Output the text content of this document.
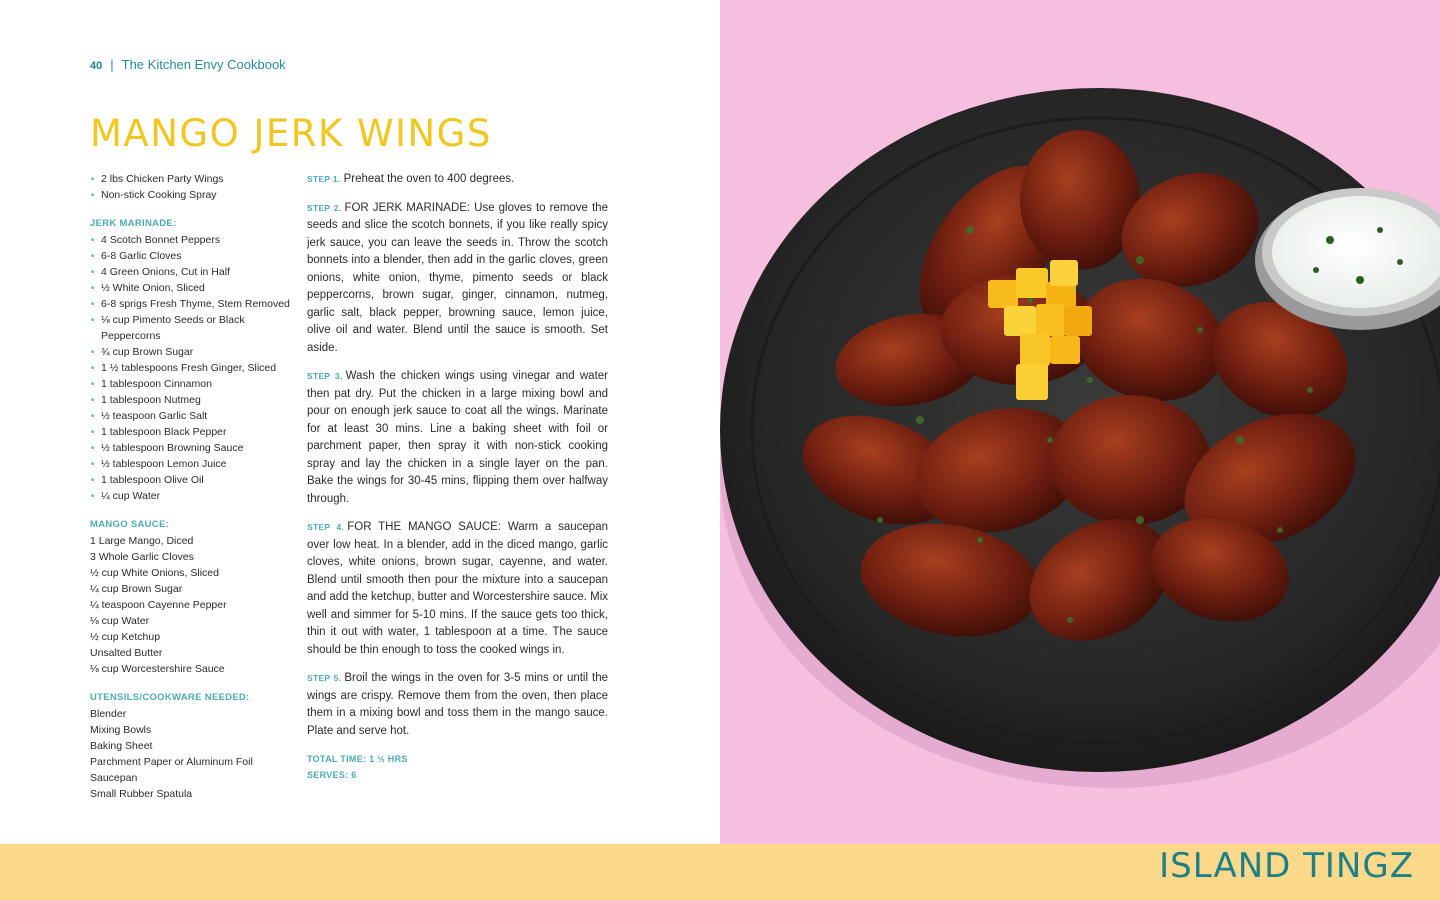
40 | The Kitchen Envy Cookbook
MANGO JERK WINGS
• 2 lbs Chicken Party Wings
• Non-stick Cooking Spray
JERK MARINADE:
• 4 Scotch Bonnet Peppers
• 6-8 Garlic Cloves
• 4 Green Onions, Cut in Half
• ½ White Onion, Sliced
• 6-8 sprigs Fresh Thyme, Stem Removed
• ⅛ cup Pimento Seeds or Black Peppercorns
• ¾ cup Brown Sugar
• 1 ½ tablespoons Fresh Ginger, Sliced
• 1 tablespoon Cinnamon
• 1 tablespoon Nutmeg
• ½ teaspoon Garlic Salt
• 1 tablespoon Black Pepper
• ½ tablespoon Browning Sauce
• ½ tablespoon Lemon Juice
• 1 tablespoon Olive Oil
• ¼ cup Water
MANGO SAUCE:
1 Large Mango, Diced
3 Whole Garlic Cloves
½ cup White Onions, Sliced
¼ cup Brown Sugar
¼ teaspoon Cayenne Pepper
⅛ cup Water
½ cup Ketchup
Unsalted Butter
⅛ cup Worcestershire Sauce
UTENSILS/COOKWARE NEEDED:
Blender
Mixing Bowls
Baking Sheet
Parchment Paper or Aluminum Foil
Saucepan
Small Rubber Spatula

STEP 1. Preheat the oven to 400 degrees.

STEP 2. FOR JERK MARINADE: Use gloves to remove the seeds and slice the scotch bonnets, if you like really spicy jerk sauce, you can leave the seeds in. Throw the scotch bonnets into a blender, then add in the garlic cloves, green onions, white onion, thyme, pimento seeds or black peppercorns, brown sugar, ginger, cinnamon, nutmeg, garlic salt, black pepper, browning sauce, lemon juice, olive oil and water. Blend until the sauce is smooth. Set aside.

STEP 3. Wash the chicken wings using vinegar and water then pat dry. Put the chicken in a large mixing bowl and pour on enough jerk sauce to coat all the wings. Marinate for at least 30 mins. Line a baking sheet with foil or parchment paper, then spray it with non-stick cooking spray and lay the chicken in a single layer on the pan. Bake the wings for 30-45 mins, flipping them over halfway through.

STEP 4. FOR THE MANGO SAUCE: Warm a saucepan over low heat. In a blender, add in the diced mango, garlic cloves, white onions, brown sugar, cayenne, and water. Blend until smooth then pour the mixture into a saucepan and add the ketchup, butter and Worcestershire sauce. Mix well and simmer for 5-10 mins. If the sauce gets too thick, thin it out with water, 1 tablespoon at a time. The sauce should be thin enough to toss the cooked wings in.

STEP 5. Broil the wings in the oven for 3-5 mins or until the wings are crispy. Remove them from the oven, then place them in a mixing bowl and toss them in the mango sauce. Plate and serve hot.

TOTAL TIME: 1 ½ HRS
SERVES: 6
ISLAND TINGZ
